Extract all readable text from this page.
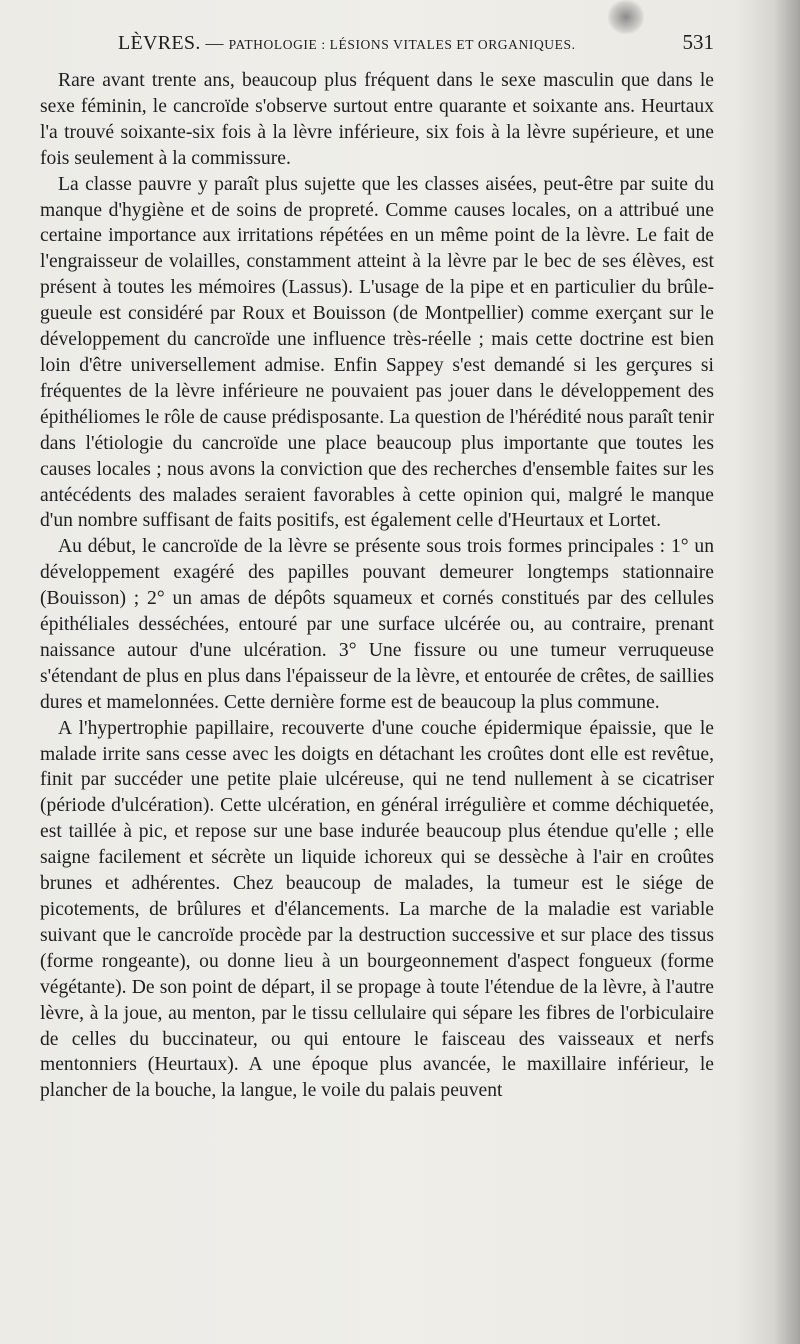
LÈVRES. — PATHOLOGIE : LÉSIONS VITALES ET ORGANIQUES.	531

Rare avant trente ans, beaucoup plus fréquent dans le sexe masculin que dans le sexe féminin, le cancroïde s'observe surtout entre quarante et soixante ans. Heurtaux l'a trouvé soixante-six fois à la lèvre inférieure, six fois à la lèvre supérieure, et une fois seulement à la commissure.

La classe pauvre y paraît plus sujette que les classes aisées, peut-être par suite du manque d'hygiène et de soins de propreté. Comme causes locales, on a attribué une certaine importance aux irritations répétées en un même point de la lèvre. Le fait de l'engraisseur de volailles, constamment atteint à la lèvre par le bec de ses élèves, est présent à toutes les mémoires (Lassus). L'usage de la pipe et en particulier du brûle-gueule est considéré par Roux et Bouisson (de Montpellier) comme exerçant sur le développement du cancroïde une influence très-réelle ; mais cette doctrine est bien loin d'être universellement admise. Enfin Sappey s'est demandé si les gerçures si fréquentes de la lèvre inférieure ne pouvaient pas jouer dans le développement des épithéliomes le rôle de cause prédisposante. La question de l'hérédité nous paraît tenir dans l'étiologie du cancroïde une place beaucoup plus importante que toutes les causes locales ; nous avons la conviction que des recherches d'ensemble faites sur les antécédents des malades seraient favorables à cette opinion qui, malgré le manque d'un nombre suffisant de faits positifs, est également celle d'Heurtaux et Lortet.

Au début, le cancroïde de la lèvre se présente sous trois formes principales : 1° un développement exagéré des papilles pouvant demeurer longtemps stationnaire (Bouisson) ; 2° un amas de dépôts squameux et cornés constitués par des cellules épithéliales desséchées, entouré par une surface ulcérée ou, au contraire, prenant naissance autour d'une ulcération. 3° Une fissure ou une tumeur verruqueuse s'étendant de plus en plus dans l'épaisseur de la lèvre, et entourée de crêtes, de saillies dures et mamelonnées. Cette dernière forme est de beaucoup la plus commune.

A l'hypertrophie papillaire, recouverte d'une couche épidermique épaissie, que le malade irrite sans cesse avec les doigts en détachant les croûtes dont elle est revêtue, finit par succéder une petite plaie ulcéreuse, qui ne tend nullement à se cicatriser (période d'ulcération). Cette ulcération, en général irrégulière et comme déchiquetée, est taillée à pic, et repose sur une base indurée beaucoup plus étendue qu'elle ; elle saigne facilement et sécrète un liquide ichoreux qui se dessèche à l'air en croûtes brunes et adhérentes. Chez beaucoup de malades, la tumeur est le siége de picotements, de brûlures et d'élancements. La marche de la maladie est variable suivant que le cancroïde procède par la destruction successive et sur place des tissus (forme rongeante), ou donne lieu à un bourgeonnement d'aspect fongueux (forme végétante). De son point de départ, il se propage à toute l'étendue de la lèvre, à l'autre lèvre, à la joue, au menton, par le tissu cellulaire qui sépare les fibres de l'orbiculaire de celles du buccinateur, ou qui entoure le faisceau des vaisseaux et nerfs mentonniers (Heurtaux). A une époque plus avancée, le maxillaire inférieur, le plancher de la bouche, la langue, le voile du palais peuvent
